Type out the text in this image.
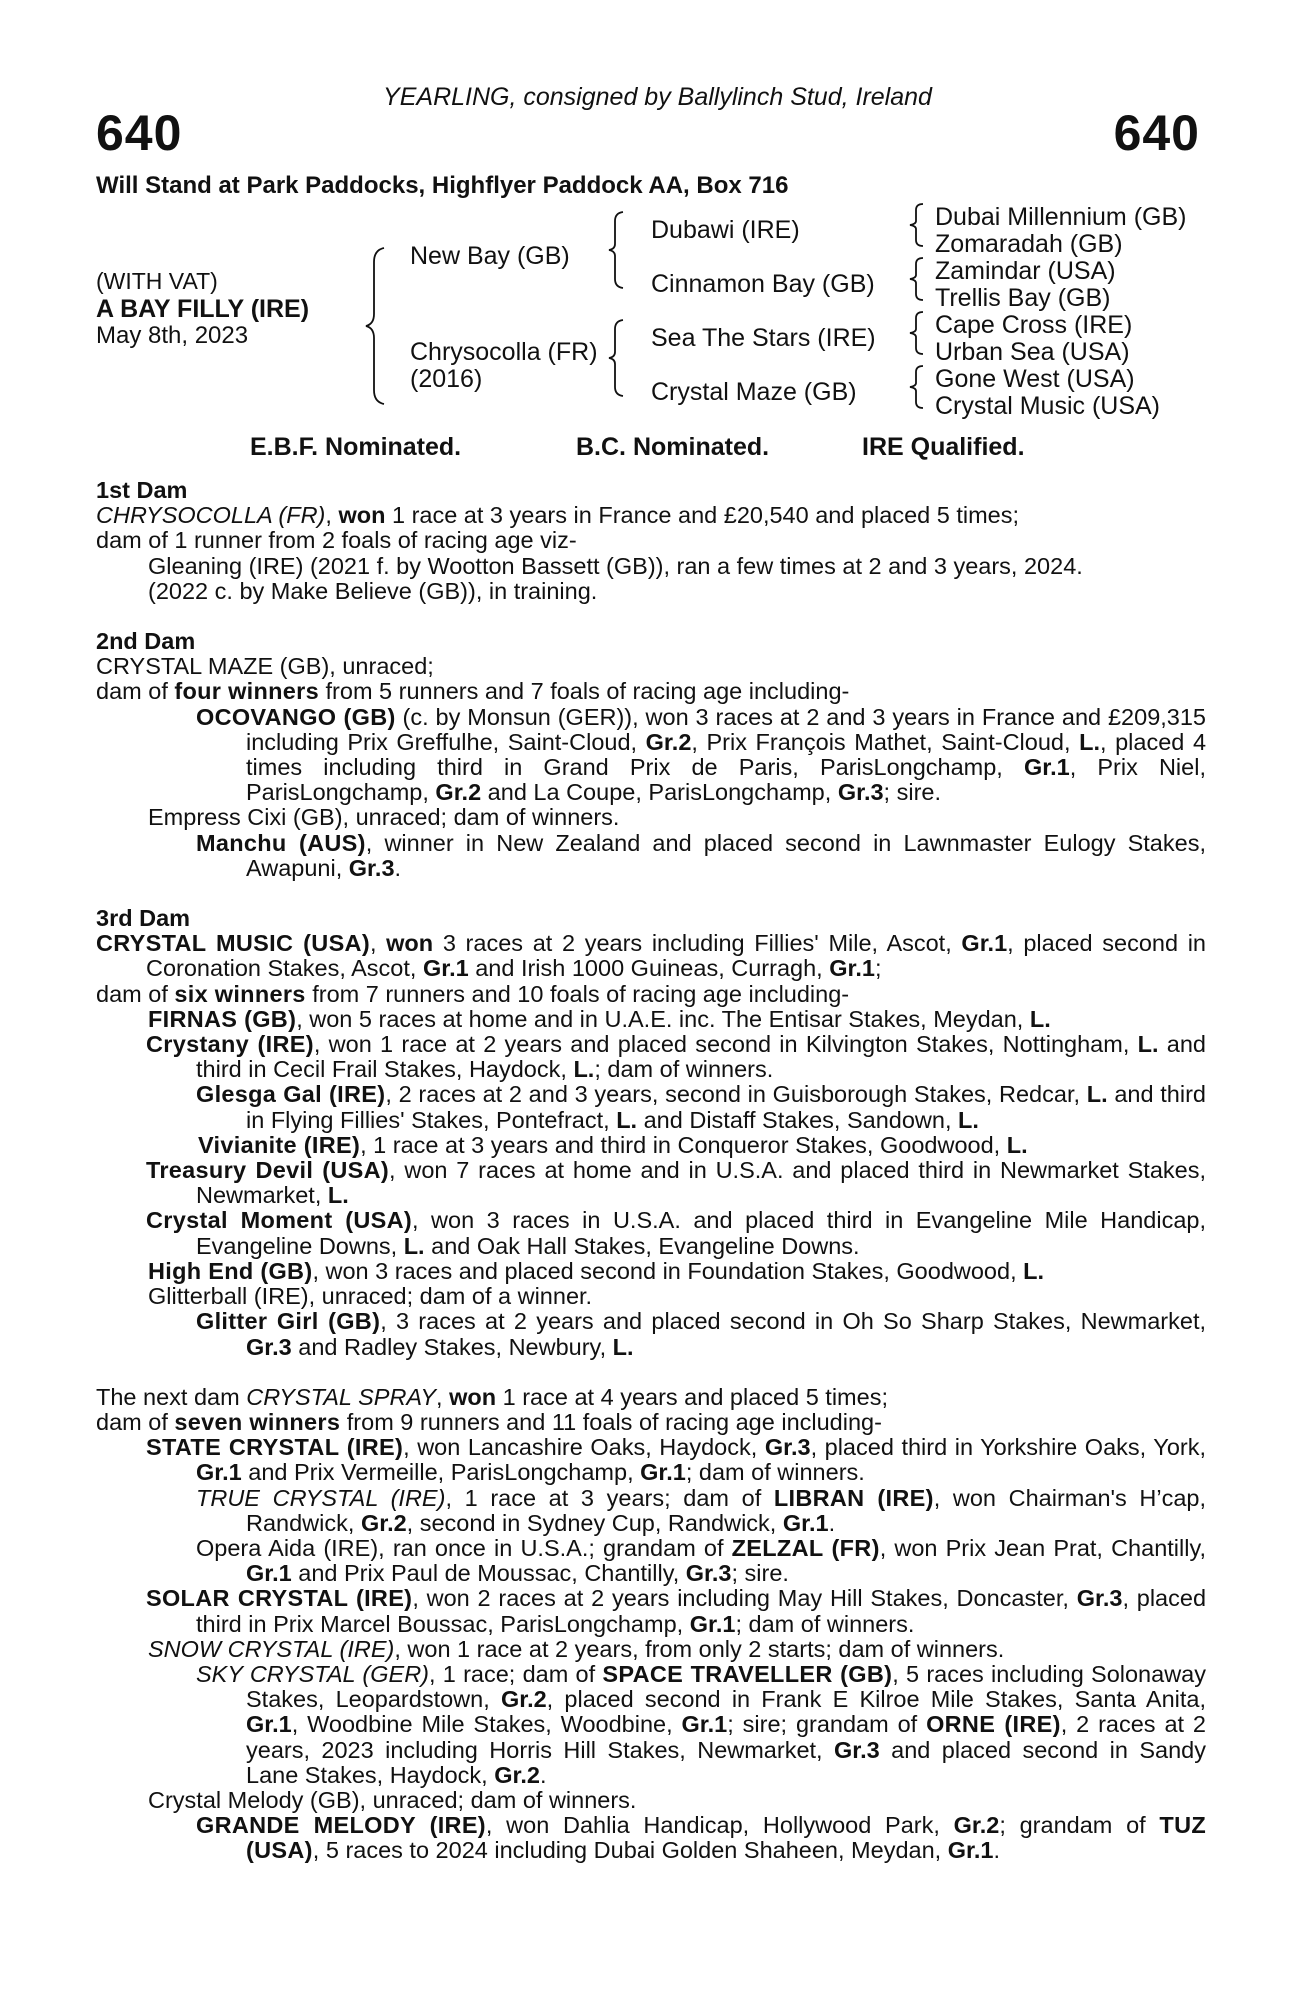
YEARLING, consigned by Ballylinch Stud, Ireland
640	640
Will Stand at Park Paddocks, Highflyer Paddock AA, Box 716
(WITH VAT)
A BAY FILLY (IRE)
May 8th, 2023
New Bay (GB)
Chrysocolla (FR)
(2016)
Dubawi (IRE)
Cinnamon Bay (GB)
Sea The Stars (IRE)
Crystal Maze (GB)
Dubai Millennium (GB)
Zomaradah (GB)
Zamindar (USA)
Trellis Bay (GB)
Cape Cross (IRE)
Urban Sea (USA)
Gone West (USA)
Crystal Music (USA)
E.B.F. Nominated.	B.C. Nominated.	IRE Qualified.

1st Dam

CHRYSOCOLLA (FR), won 1 race at 3 years in France and £20,540 and placed 5 times;

dam of 1 runner from 2 foals of racing age viz-

Gleaning (IRE) (2021 f. by Wootton Bassett (GB)), ran a few times at 2 and 3 years, 2024.

(2022 c. by Make Believe (GB)), in training.

2nd Dam

CRYSTAL MAZE (GB), unraced;

dam of four winners from 5 runners and 7 foals of racing age including-

OCOVANGO (GB) (c. by Monsun (GER)), won 3 races at 2 and 3 years in France and £209,315 including Prix Greffulhe, Saint-Cloud, Gr.2, Prix François Mathet, Saint-Cloud, L., placed 4 times including third in Grand Prix de Paris, ParisLongchamp, Gr.1, Prix Niel, ParisLongchamp, Gr.2 and La Coupe, ParisLongchamp, Gr.3; sire.

Empress Cixi (GB), unraced; dam of winners.

Manchu (AUS), winner in New Zealand and placed second in Lawnmaster Eulogy Stakes, Awapuni, Gr.3.

3rd Dam

CRYSTAL MUSIC (USA), won 3 races at 2 years including Fillies' Mile, Ascot, Gr.1, placed second in Coronation Stakes, Ascot, Gr.1 and Irish 1000 Guineas, Curragh, Gr.1;

dam of six winners from 7 runners and 10 foals of racing age including-

FIRNAS (GB), won 5 races at home and in U.A.E. inc. The Entisar Stakes, Meydan, L.

Crystany (IRE), won 1 race at 2 years and placed second in Kilvington Stakes, Nottingham, L. and third in Cecil Frail Stakes, Haydock, L.; dam of winners.

Glesga Gal (IRE), 2 races at 2 and 3 years, second in Guisborough Stakes, Redcar, L. and third in Flying Fillies' Stakes, Pontefract, L. and Distaff Stakes, Sandown, L.

Vivianite (IRE), 1 race at 3 years and third in Conqueror Stakes, Goodwood, L.

Treasury Devil (USA), won 7 races at home and in U.S.A. and placed third in Newmarket Stakes, Newmarket, L.

Crystal Moment (USA), won 3 races in U.S.A. and placed third in Evangeline Mile Handicap, Evangeline Downs, L. and Oak Hall Stakes, Evangeline Downs.

High End (GB), won 3 races and placed second in Foundation Stakes, Goodwood, L.

Glitterball (IRE), unraced; dam of a winner.

Glitter Girl (GB), 3 races at 2 years and placed second in Oh So Sharp Stakes, Newmarket, Gr.3 and Radley Stakes, Newbury, L.

The next dam CRYSTAL SPRAY, won 1 race at 4 years and placed 5 times;

dam of seven winners from 9 runners and 11 foals of racing age including-

STATE CRYSTAL (IRE), won Lancashire Oaks, Haydock, Gr.3, placed third in Yorkshire Oaks, York, Gr.1 and Prix Vermeille, ParisLongchamp, Gr.1; dam of winners.

TRUE CRYSTAL (IRE), 1 race at 3 years; dam of LIBRAN (IRE), won Chairman's H’cap, Randwick, Gr.2, second in Sydney Cup, Randwick, Gr.1.

Opera Aida (IRE), ran once in U.S.A.; grandam of ZELZAL (FR), won Prix Jean Prat, Chantilly, Gr.1 and Prix Paul de Moussac, Chantilly, Gr.3; sire.

SOLAR CRYSTAL (IRE), won 2 races at 2 years including May Hill Stakes, Doncaster, Gr.3, placed third in Prix Marcel Boussac, ParisLongchamp, Gr.1; dam of winners.

SNOW CRYSTAL (IRE), won 1 race at 2 years, from only 2 starts; dam of winners.

SKY CRYSTAL (GER), 1 race; dam of SPACE TRAVELLER (GB), 5 races including Solonaway Stakes, Leopardstown, Gr.2, placed second in Frank E Kilroe Mile Stakes, Santa Anita, Gr.1, Woodbine Mile Stakes, Woodbine, Gr.1; sire; grandam of ORNE (IRE), 2 races at 2 years, 2023 including Horris Hill Stakes, Newmarket, Gr.3 and placed second in Sandy Lane Stakes, Haydock, Gr.2.

Crystal Melody (GB), unraced; dam of winners.

GRANDE MELODY (IRE), won Dahlia Handicap, Hollywood Park, Gr.2; grandam of TUZ (USA), 5 races to 2024 including Dubai Golden Shaheen, Meydan, Gr.1.
